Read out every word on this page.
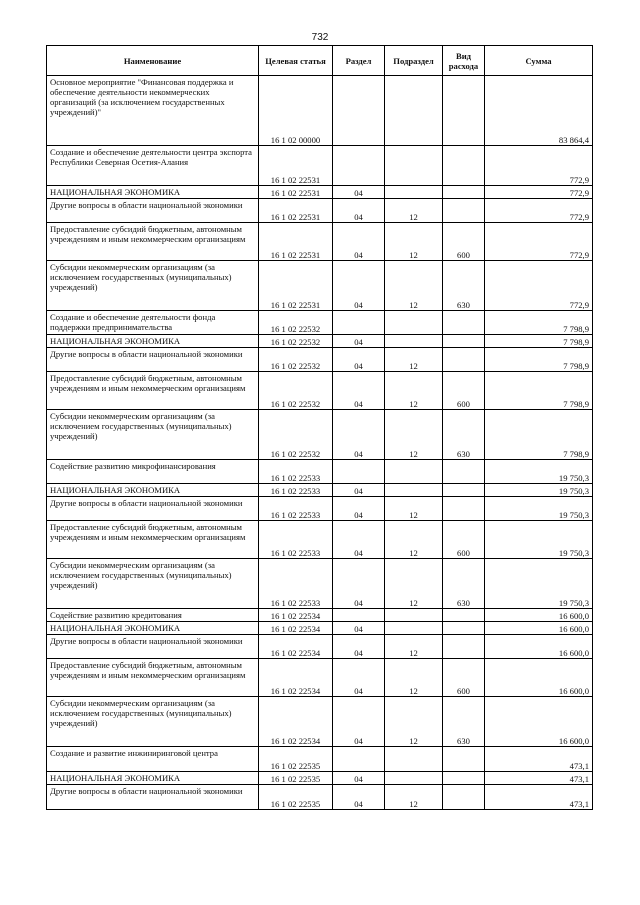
732
Наименование	Целевая статья	Раздел	Подраздел	Вид расхода	Сумма
Основное мероприятие "Финансовая поддержка и обеспечение деятельности некоммерческих организаций (за исключением государственных учреждений)"	16 1 02 00000				83 864,4
Создание и обеспечение деятельности центра экспорта Республики Северная Осетия-Алания	16 1 02 22531				772,9
НАЦИОНАЛЬНАЯ ЭКОНОМИКА	16 1 02 22531	04			772,9
Другие вопросы в области национальной экономики	16 1 02 22531	04	12		772,9
Предоставление субсидий бюджетным, автономным учреждениям и иным некоммерческим организациям	16 1 02 22531	04	12	600	772,9
Субсидии некоммерческим организациям (за исключением государственных (муниципальных) учреждений)	16 1 02 22531	04	12	630	772,9
Создание и обеспечение деятельности фонда поддержки предпринимательства	16 1 02 22532				7 798,9
НАЦИОНАЛЬНАЯ ЭКОНОМИКА	16 1 02 22532	04			7 798,9
Другие вопросы в области национальной экономики	16 1 02 22532	04	12		7 798,9
Предоставление субсидий бюджетным, автономным учреждениям и иным некоммерческим организациям	16 1 02 22532	04	12	600	7 798,9
Субсидии некоммерческим организациям (за исключением государственных (муниципальных) учреждений)	16 1 02 22532	04	12	630	7 798,9
Содействие развитию микрофинансирования	16 1 02 22533				19 750,3
НАЦИОНАЛЬНАЯ ЭКОНОМИКА	16 1 02 22533	04			19 750,3
Другие вопросы в области национальной экономики	16 1 02 22533	04	12		19 750,3
Предоставление субсидий бюджетным, автономным учреждениям и иным некоммерческим организациям	16 1 02 22533	04	12	600	19 750,3
Субсидии некоммерческим организациям (за исключением государственных (муниципальных) учреждений)	16 1 02 22533	04	12	630	19 750,3
Содействие развитию кредитования	16 1 02 22534				16 600,0
НАЦИОНАЛЬНАЯ ЭКОНОМИКА	16 1 02 22534	04			16 600,0
Другие вопросы в области национальной экономики	16 1 02 22534	04	12		16 600,0
Предоставление субсидий бюджетным, автономным учреждениям и иным некоммерческим организациям	16 1 02 22534	04	12	600	16 600,0
Субсидии некоммерческим организациям (за исключением государственных (муниципальных) учреждений)	16 1 02 22534	04	12	630	16 600,0
Создание и развитие инжиниринговой центра	16 1 02 22535				473,1
НАЦИОНАЛЬНАЯ ЭКОНОМИКА	16 1 02 22535	04			473,1
Другие вопросы в области национальной экономики	16 1 02 22535	04	12		473,1
